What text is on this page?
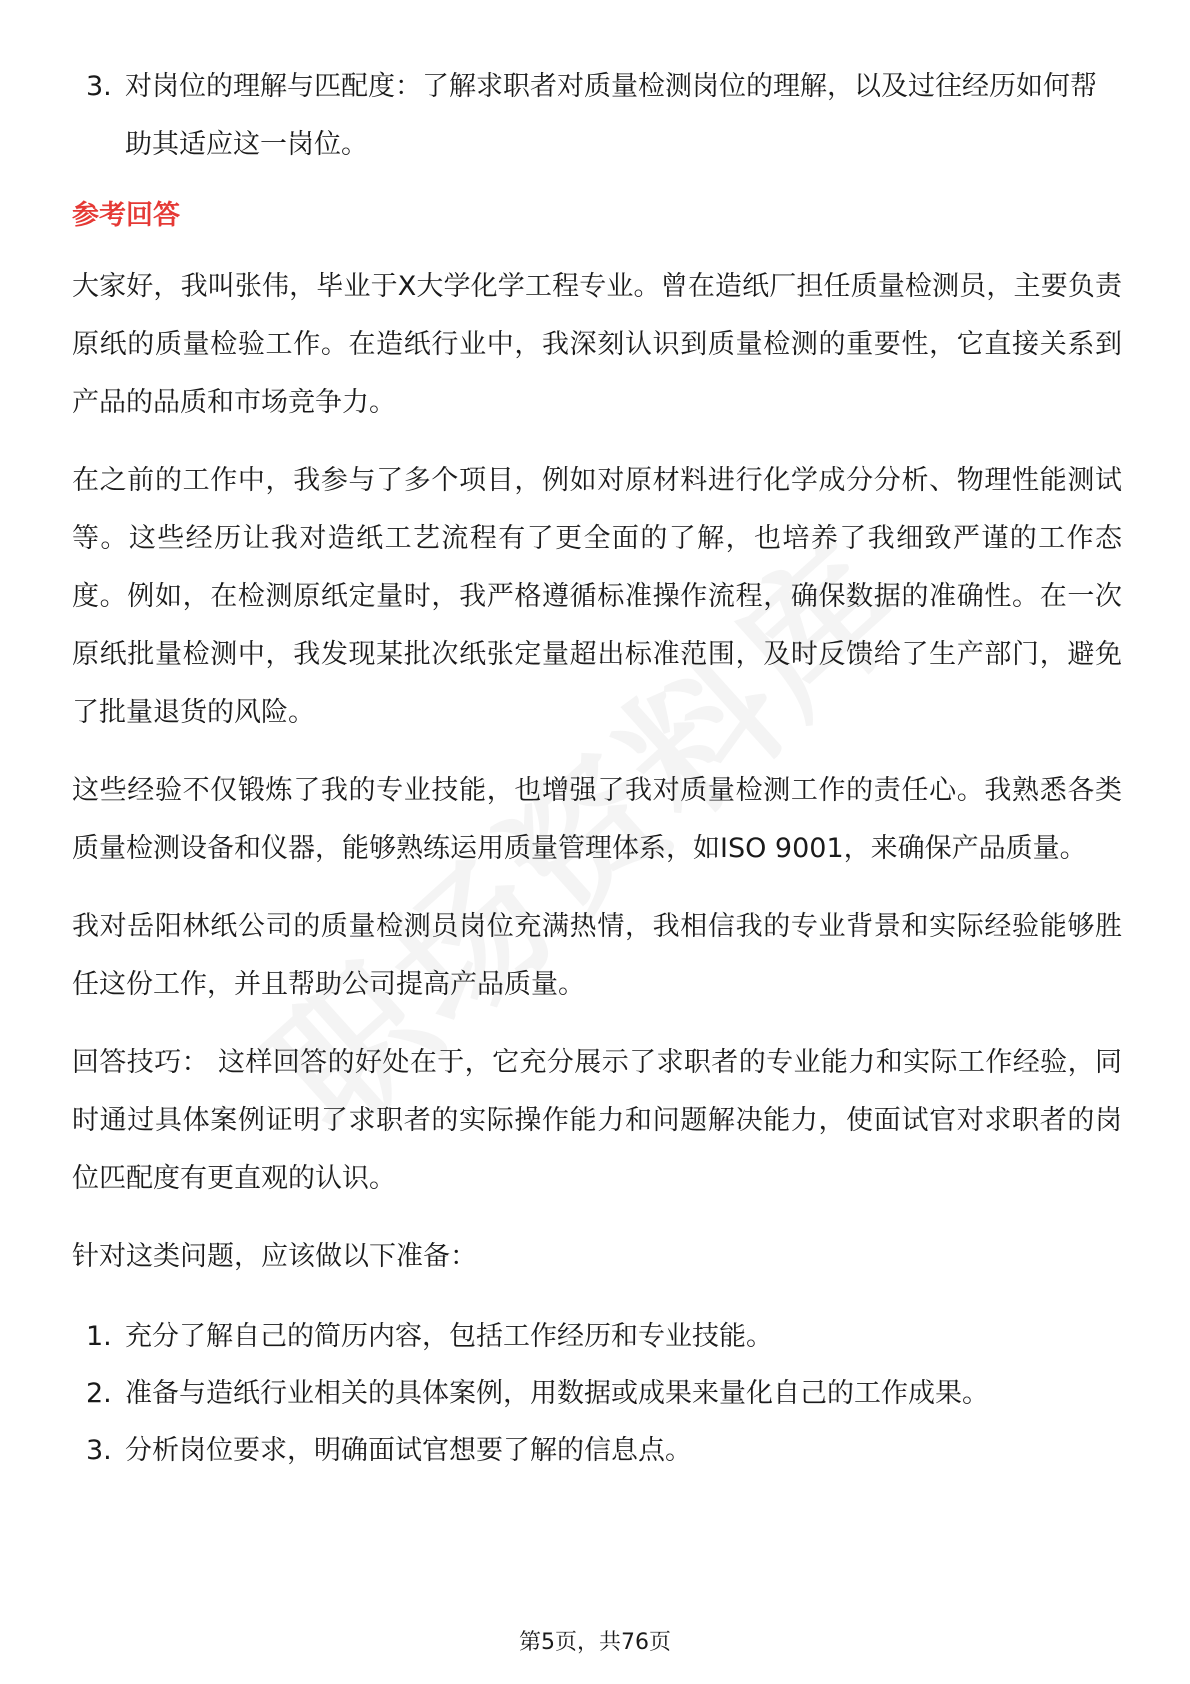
3. 对岗位的理解与匹配度：了解求职者对质量检测岗位的理解，以及过往经历如何帮助其适应这一岗位。
参考回答

大家好，我叫张伟，毕业于X大学化学工程专业。曾在造纸厂担任质量检测员，主要负责原纸的质量检验工作。在造纸行业中，我深刻认识到质量检测的重要性，它直接关系到产品的品质和市场竞争力。

在之前的工作中，我参与了多个项目，例如对原材料进行化学成分分析、物理性能测试等。这些经历让我对造纸工艺流程有了更全面的了解，也培养了我细致严谨的工作态度。例如，在检测原纸定量时，我严格遵循标准操作流程，确保数据的准确性。在一次原纸批量检测中，我发现某批次纸张定量超出标准范围，及时反馈给了生产部门，避免了批量退货的风险。

这些经验不仅锻炼了我的专业技能，也增强了我对质量检测工作的责任心。我熟悉各类质量检测设备和仪器，能够熟练运用质量管理体系，如ISO 9001，来确保产品质量。

我对岳阳林纸公司的质量检测员岗位充满热情，我相信我的专业背景和实际经验能够胜任这份工作，并且帮助公司提高产品质量。

回答技巧： 这样回答的好处在于，它充分展示了求职者的专业能力和实际工作经验，同时通过具体案例证明了求职者的实际操作能力和问题解决能力，使面试官对求职者的岗位匹配度有更直观的认识。

针对这类问题，应该做以下准备：

1. 充分了解自己的简历内容，包括工作经历和专业技能。
2. 准备与造纸行业相关的具体案例，用数据或成果来量化自己的工作成果。
3. 分析岗位要求，明确面试官想要了解的信息点。
第5页，共76页
